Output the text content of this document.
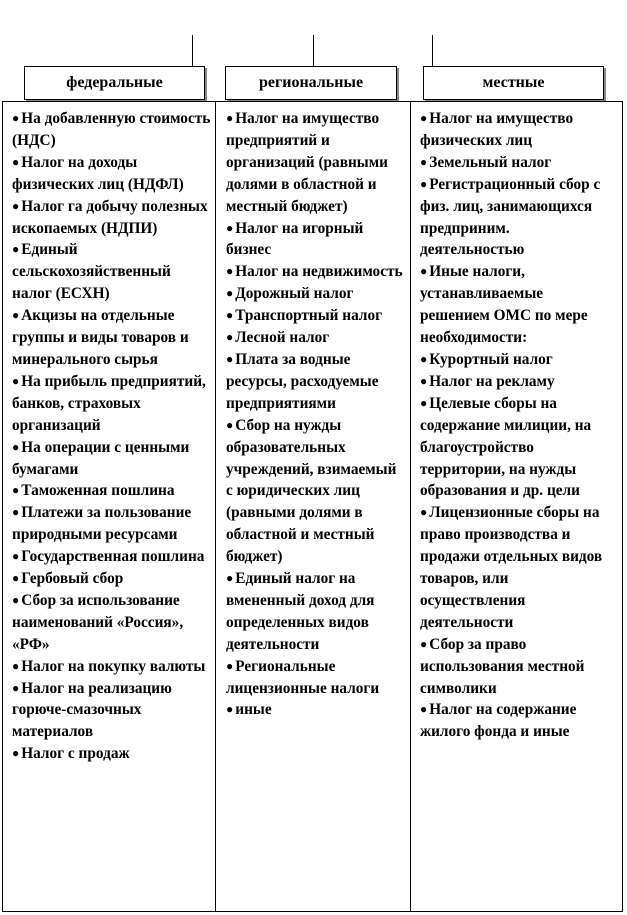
федеральные	региональные	местные
● На добавленную стоимость (НДС)
● Налог на доходы физических лиц (НДФЛ)
● Налог га добычу полезных ископаемых (НДПИ)
● Единый сельскохозяйственный налог (ЕСХН)
● Акцизы на отдельные группы и виды товаров и минерального сырья
● На прибыль предприятий, банков, страховых организаций
● На операции с ценными бумагами
● Таможенная пошлина
● Платежи за пользование природными ресурсами
● Государственная пошлина
● Гербовый сбор
● Сбор за использование наименований «Россия», «РФ»
● Налог на покупку валюты
● Налог на реализацию горюче-смазочных материалов
● Налог с продаж
● Налог на имущество предприятий и организаций (равными долями в областной и местный бюджет)
● Налог на игорный бизнес
● Налог на недвижимость
● Дорожный налог
● Транспортный налог
● Лесной налог
● Плата за водные ресурсы, расходуемые предприятиями
● Сбор на нужды образовательных учреждений, взимаемый с юридических лиц (равными долями в областной и местный бюджет)
● Единый налог на вмененный доход для определенных видов деятельности
● Региональные лицензионные налоги
● иные
● Налог на имущество физических лиц
● Земельный налог
● Регистрационный сбор с физ. лиц, занимающихся предприним. деятельностью
● Иные налоги, устанавливаемые решением ОМС по мере необходимости:
● Курортный налог
● Налог на рекламу
● Целевые сборы на содержание милиции, на благоустройство территории, на нужды образования и др. цели
● Лицензионные сборы на право производства и продажи отдельных видов товаров, или осуществления деятельности
● Сбор за право использования местной символики
● Налог на содержание жилого фонда и иные
